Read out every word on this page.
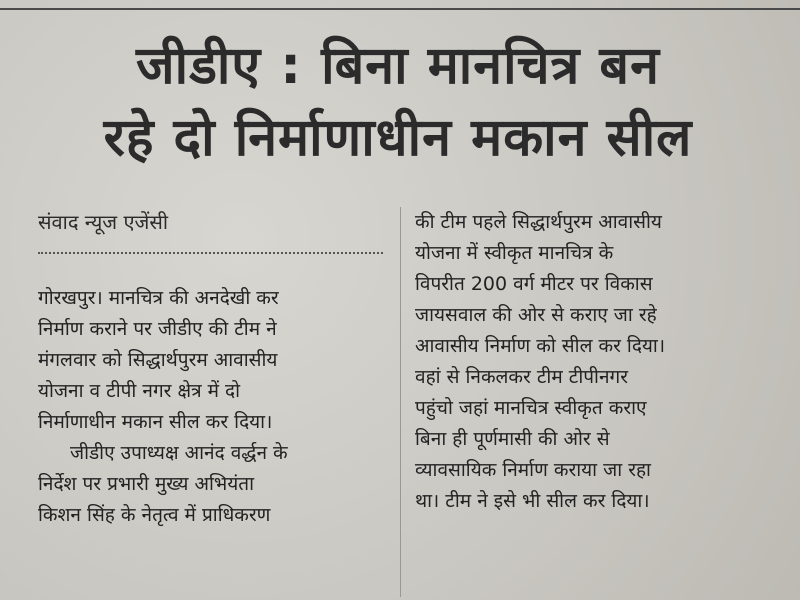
जीडीए : बिना मानचित्र बन
रहे दो निर्माणाधीन मकान सील
संवाद न्यूज एजेंसी
गोरखपुर। मानचित्र की अनदेखी कर
निर्माण कराने पर जीडीए की टीम ने
मंगलवार को सिद्धार्थपुरम आवासीय
योजना व टीपी नगर क्षेत्र में दो
निर्माणाधीन मकान सील कर दिया।
जीडीए उपाध्यक्ष आनंद वर्द्धन के
निर्देश पर प्रभारी मुख्य अभियंता
किशन सिंह के नेतृत्व में प्राधिकरण
की टीम पहले सिद्धार्थपुरम आवासीय
योजना में स्वीकृत मानचित्र के
विपरीत 200 वर्ग मीटर पर विकास
जायसवाल की ओर से कराए जा रहे
आवासीय निर्माण को सील कर दिया।
वहां से निकलकर टीम टीपीनगर
पहुंचो जहां मानचित्र स्वीकृत कराए
बिना ही पूर्णमासी की ओर से
व्यावसायिक निर्माण कराया जा रहा
था। टीम ने इसे भी सील कर दिया।
